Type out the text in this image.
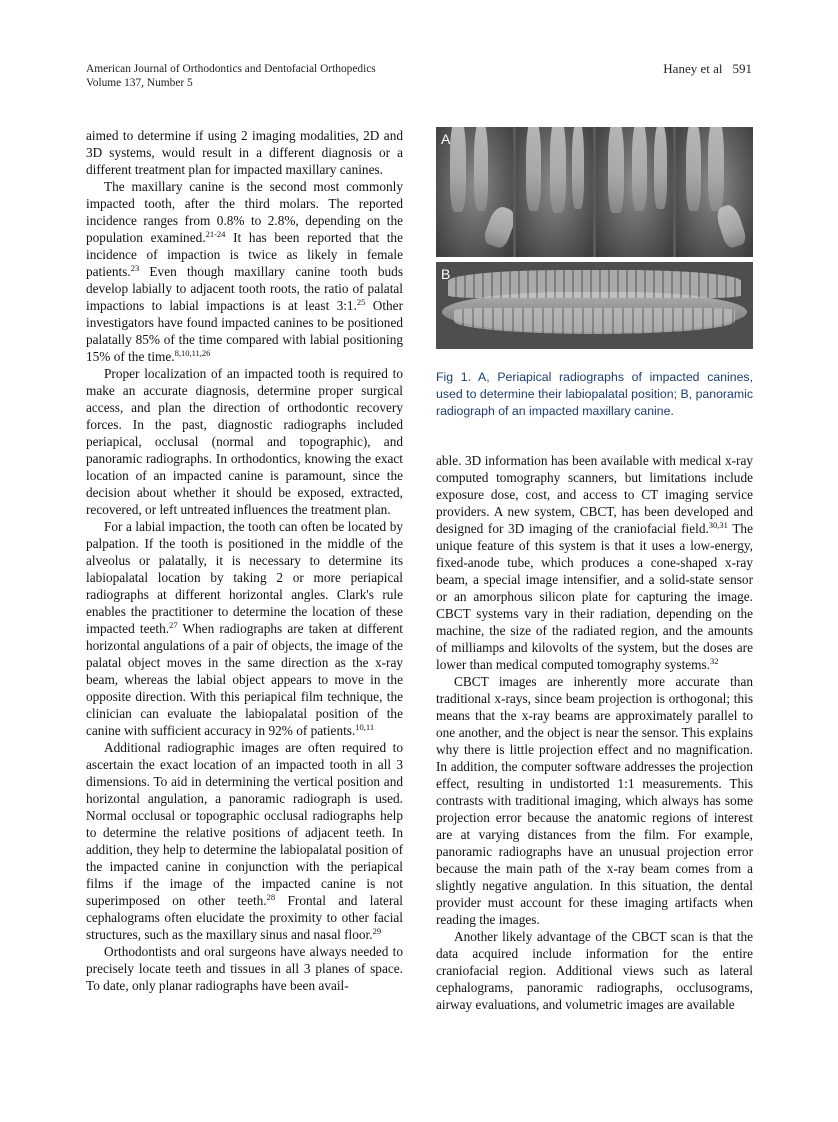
American Journal of Orthodontics and Dentofacial Orthopedics
Volume 137, Number 5
Haney et al 591

aimed to determine if using 2 imaging modalities, 2D and 3D systems, would result in a different diagnosis or a different treatment plan for impacted maxillary canines.

The maxillary canine is the second most commonly impacted tooth, after the third molars. The reported incidence ranges from 0.8% to 2.8%, depending on the population examined.$^{21-24}$ It has been reported that the incidence of impaction is twice as likely in female patients.$^{23}$ Even though maxillary canine tooth buds develop labially to adjacent tooth roots, the ratio of palatal impactions to labial impactions is at least 3:1.25 Other investigators have found impacted canines to be positioned palatally 85% of the time compared with labial positioning 15% of the time.$^{8,10,11,26}$

Proper localization of an impacted tooth is required to make an accurate diagnosis, determine proper surgical access, and plan the direction of orthodontic recovery forces. In the past, diagnostic radiographs included periapical, occlusal (normal and topographic), and panoramic radiographs. In orthodontics, knowing the exact location of an impacted canine is paramount, since the decision about whether it should be exposed, extracted, recovered, or left untreated influences the treatment plan.

For a labial impaction, the tooth can often be located by palpation. If the tooth is positioned in the middle of the alveolus or palatally, it is necessary to determine its labiopalatal location by taking 2 or more periapical radiographs at different horizontal angles. Clark's rule enables the practitioner to determine the location of these impacted teeth.$^{27}$ When radiographs are taken at different horizontal angulations of a pair of objects, the image of the palatal object moves in the same direction as the x-ray beam, whereas the labial object appears to move in the opposite direction. With this periapical film technique, the clinician can evaluate the labiopalatal position of the canine with sufficient accuracy in 92% of patients.$^{10,11}$

Additional radiographic images are often required to ascertain the exact location of an impacted tooth in all 3 dimensions. To aid in determining the vertical position and horizontal angulation, a panoramic radiograph is used. Normal occlusal or topographic occlusal radiographs help to determine the relative positions of adjacent teeth. In addition, they help to determine the labiopalatal position of the impacted canine in conjunction with the periapical films if the image of the impacted canine is not superimposed on other teeth.$^{28}$ Frontal and lateral cephalograms often elucidate the proximity to other facial structures, such as the maxillary sinus and nasal floor.$^{29}$

Orthodontists and oral surgeons have always needed to precisely locate teeth and tissues in all 3 planes of space. To date, only planar radiographs have been avail-

A
B
Fig 1. A, Periapical radiographs of impacted canines, used to determine their labiopalatal position; B, panoramic radiograph of an impacted maxillary canine.

able. 3D information has been available with medical x-ray computed tomography scanners, but limitations include exposure dose, cost, and access to CT imaging service providers. A new system, CBCT, has been developed and designed for 3D imaging of the craniofacial field.$^{30,31}$ The unique feature of this system is that it uses a low-energy, fixed-anode tube, which produces a cone-shaped x-ray beam, a special image intensifier, and a solid-state sensor or an amorphous silicon plate for capturing the image. CBCT systems vary in their radiation, depending on the machine, the size of the radiated region, and the amounts of milliamps and kilovolts of the system, but the doses are lower than medical computed tomography systems.$^{32}$

CBCT images are inherently more accurate than traditional x-rays, since beam projection is orthogonal; this means that the x-ray beams are approximately parallel to one another, and the object is near the sensor. This explains why there is little projection effect and no magnification. In addition, the computer software addresses the projection effect, resulting in undistorted 1:1 measurements. This contrasts with traditional imaging, which always has some projection error because the anatomic regions of interest are at varying distances from the film. For example, panoramic radiographs have an unusual projection error because the main path of the x-ray beam comes from a slightly negative angulation. In this situation, the dental provider must account for these imaging artifacts when reading the images.

Another likely advantage of the CBCT scan is that the data acquired include information for the entire craniofacial region. Additional views such as lateral cephalograms, panoramic radiographs, occlusograms, airway evaluations, and volumetric images are available
